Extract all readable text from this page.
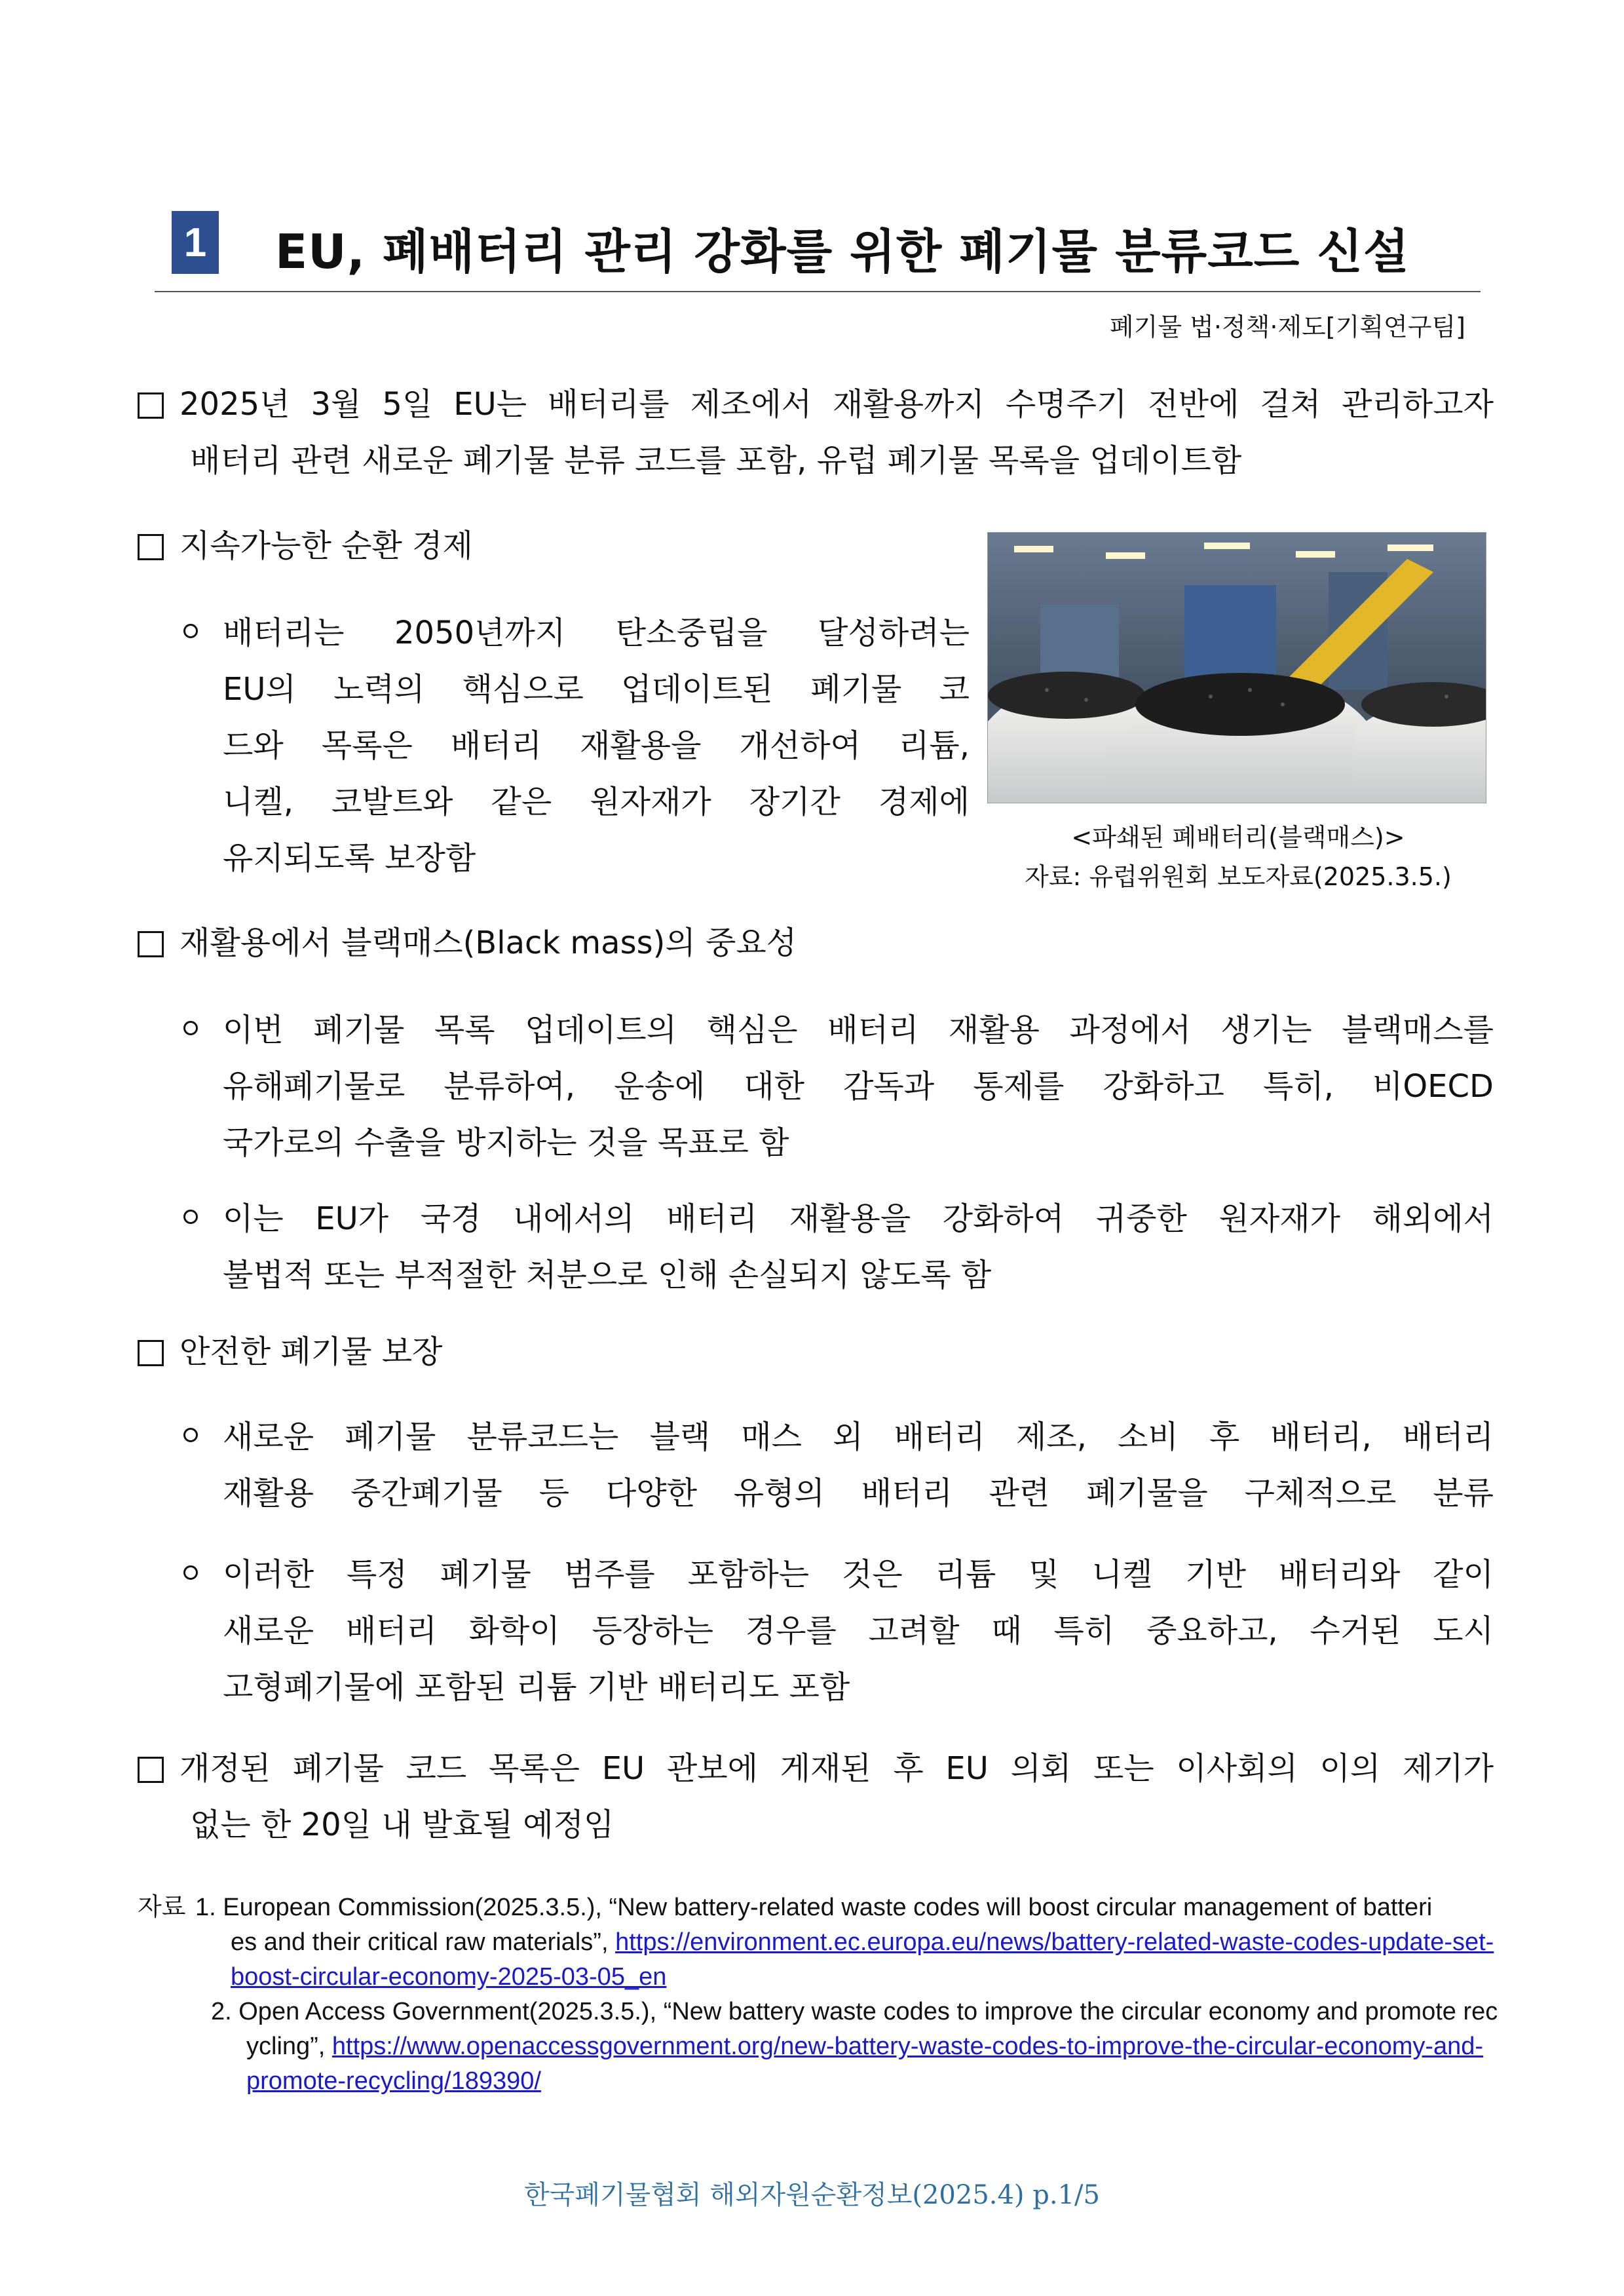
1 EU, 폐배터리 관리 강화를 위한 폐기물 분류코드 신설
폐기물 법·정책·제도[기획연구팀]
2025년 3월 5일 EU는 배터리를 제조에서 재활용까지 수명주기 전반에 걸쳐 관리하고자
배터리 관련 새로운 폐기물 분류 코드를 포함, 유럽 폐기물 목록을 업데이트함
지속가능한 순환 경제
배터리는 2050년까지 탄소중립을 달성하려는
EU의 노력의 핵심으로 업데이트된 폐기물 코
드와 목록은 배터리 재활용을 개선하여 리튬,
니켈, 코발트와 같은 원자재가 장기간 경제에
유지되도록 보장함
<파쇄된 폐배터리(블랙매스)>
자료: 유럽위원회 보도자료(2025.3.5.)
재활용에서 블랙매스(Black mass)의 중요성
이번 폐기물 목록 업데이트의 핵심은 배터리 재활용 과정에서 생기는 블랙매스를
유해폐기물로 분류하여, 운송에 대한 감독과 통제를 강화하고 특히, 비OECD
국가로의 수출을 방지하는 것을 목표로 함
이는 EU가 국경 내에서의 배터리 재활용을 강화하여 귀중한 원자재가 해외에서
불법적 또는 부적절한 처분으로 인해 손실되지 않도록 함
안전한 폐기물 보장
새로운 폐기물 분류코드는 블랙 매스 외 배터리 제조, 소비 후 배터리, 배터리
재활용 중간폐기물 등 다양한 유형의 배터리 관련 폐기물을 구체적으로 분류
이러한 특정 폐기물 범주를 포함하는 것은 리튬 및 니켈 기반 배터리와 같이
새로운 배터리 화학이 등장하는 경우를 고려할 때 특히 중요하고, 수거된 도시
고형폐기물에 포함된 리튬 기반 배터리도 포함
개정된 폐기물 코드 목록은 EU 관보에 게재된 후 EU 의회 또는 이사회의 이의 제기가
없는 한 20일 내 발효될 예정임
자료 1. European Commission(2025.3.5.), “New battery-related waste codes will boost circular management of batteri
es and their critical raw materials”, https://environment.ec.europa.eu/news/battery-related-waste-codes-update-set-
boost-circular-economy-2025-03-05_en
2. Open Access Government(2025.3.5.), “New battery waste codes to improve the circular economy and promote rec
ycling”, https://www.openaccessgovernment.org/new-battery-waste-codes-to-improve-the-circular-economy-and-
promote-recycling/189390/
한국폐기물협회 해외자원순환정보(2025.4) p.1/5
